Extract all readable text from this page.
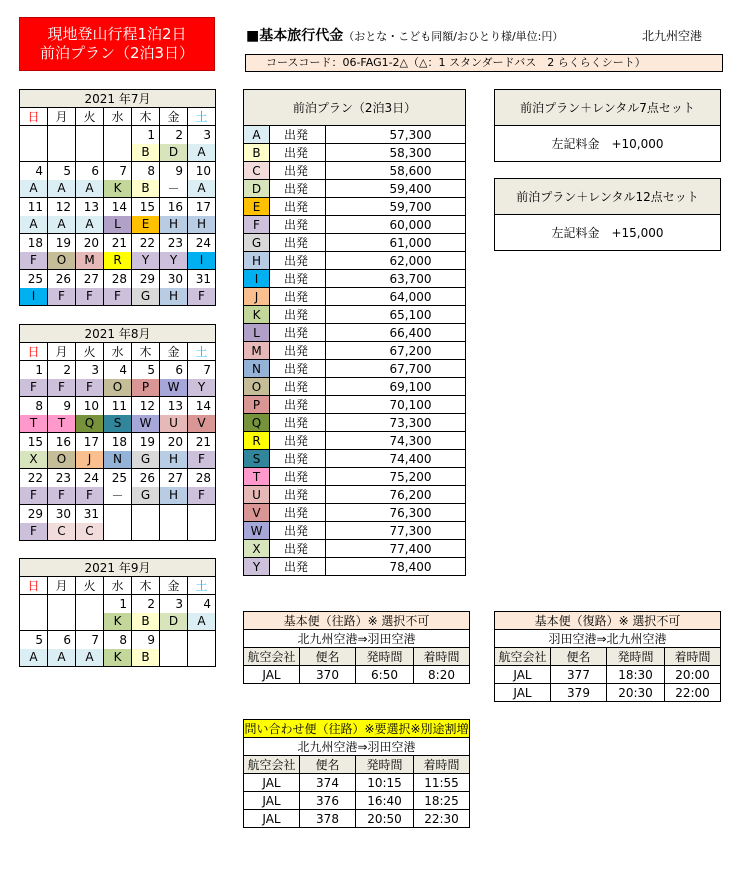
現地登山行程1泊2日
前泊プラン（2泊3日）
■基本旅行代金（おとな・こども同額/おひとり様/単位:円）	北九州空港
コースコード：06-FAG1-2△（△：1 スタンダードバス　2 らくらくシート）
2021 年7月						
日	月	火	水	木	金	土
				1	2	3
				B	D	A
4	5	6	7	8	9	10
A	A	A	K	B	－	A
11	12	13	14	15	16	17
A	A	A	L	E	H	H
18	19	20	21	22	23	24
F	O	M	R	Y	Y	I
25	26	27	28	29	30	31
I	F	F	F	G	H	F
2021 年8月						
日	月	火	水	木	金	土
1	2	3	4	5	6	7
F	F	F	O	P	W	Y
8	9	10	11	12	13	14
T	T	Q	S	W	U	V
15	16	17	18	19	20	21
X	O	J	N	G	H	F
22	23	24	25	26	27	28
F	F	F	－	G	H	F
29	30	31				
F	C	C				
2021 年9月						
日	月	火	水	木	金	土
			1	2	3	4
			K	B	D	A
5	6	7	8	9		
A	A	A	K	B		
前泊プラン（2泊3日）		
A	出発	57,300
B	出発	58,300
C	出発	58,600
D	出発	59,400
E	出発	59,700
F	出発	60,000
G	出発	61,000
H	出発	62,000
I	出発	63,700
J	出発	64,000
K	出発	65,100
L	出発	66,400
M	出発	67,200
N	出発	67,700
O	出発	69,100
P	出発	70,100
Q	出発	73,300
R	出発	74,300
S	出発	74,400
T	出発	75,200
U	出発	76,200
V	出発	76,300
W	出発	77,300
X	出発	77,400
Y	出発	78,400
前泊プラン＋レンタル7点セット
左記料金　+10,000
前泊プラン＋レンタル12点セット
左記料金　+15,000
基本便（往路）※ 選択不可			
北九州空港⇒羽田空港			
航空会社	便名	発時間	着時間
JAL	370	6:50	8:20
基本便（復路）※ 選択不可			
羽田空港⇒北九州空港			
航空会社	便名	発時間	着時間
JAL	377	18:30	20:00
JAL	379	20:30	22:00
問い合わせ便（往路）※要選択※別途割増			
北九州空港⇒羽田空港			
航空会社	便名	発時間	着時間
JAL	374	10:15	11:55
JAL	376	16:40	18:25
JAL	378	20:50	22:30
